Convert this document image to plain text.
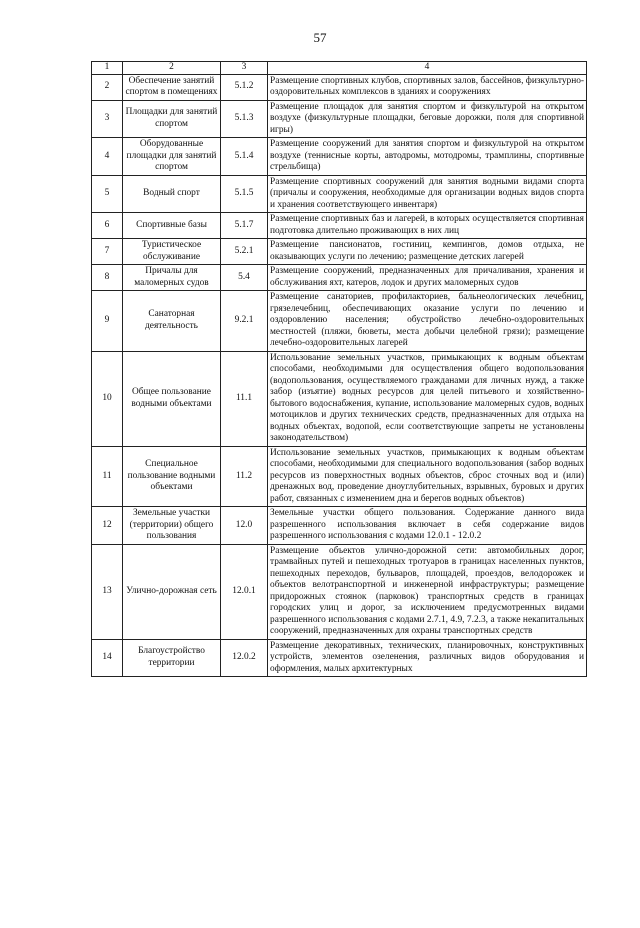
57
1	2	3	4
2	Обеспечение занятий спортом в помещениях	5.1.2	Размещение спортивных клубов, спортивных залов, бассейнов, физкультурно-оздоровительных комплексов в зданиях и сооружениях
3	Площадки для занятий спортом	5.1.3	Размещение площадок для занятия спортом и физкультурой на открытом воздухе (физкультурные площадки, беговые дорожки, поля для спортивной игры)
4	Оборудованные площадки для занятий спортом	5.1.4	Размещение сооружений для занятия спортом и физкультурой на открытом воздухе (теннисные корты, автодромы, мотодромы, трамплины, спортивные стрельбища)
5	Водный спорт	5.1.5	Размещение спортивных сооружений для занятия водными видами спорта (причалы и сооружения, необходимые для организации водных видов спорта и хранения соответствующего инвентаря)
6	Спортивные базы	5.1.7	Размещение спортивных баз и лагерей, в которых осуществляется спортивная подготовка длительно проживающих в них лиц
7	Туристическое обслуживание	5.2.1	Размещение пансионатов, гостиниц, кемпингов, домов отдыха, не оказывающих услуги по лечению; размещение детских лагерей
8	Причалы для маломерных судов	5.4	Размещение сооружений, предназначенных для причаливания, хранения и обслуживания яхт, катеров, лодок и других маломерных судов
9	Санаторная деятельность	9.2.1	Размещение санаториев, профилакториев, бальнеологических лечебниц, грязелечебниц, обеспечивающих оказание услуги по лечению и оздоровлению населения; обустройство лечебно-оздоровительных местностей (пляжи, бюветы, места добычи целебной грязи); размещение лечебно-оздоровительных лагерей
10	Общее пользование водными объектами	11.1	Использование земельных участков, примыкающих к водным объектам способами, необходимыми для осуществления общего водопользования (водопользования, осуществляемого гражданами для личных нужд, а также забор (изъятие) водных ресурсов для целей питьевого и хозяйственно-бытового водоснабжения, купание, использование маломерных судов, водных мотоциклов и других технических средств, предназначенных для отдыха на водных объектах, водопой, если соответствующие запреты не установлены законодательством)
11	Специальное пользование водными объектами	11.2	Использование земельных участков, примыкающих к водным объектам способами, необходимыми для специального водопользования (забор водных ресурсов из поверхностных водных объектов, сброс сточных вод и (или) дренажных вод, проведение дноуглубительных, взрывных, буровых и других работ, связанных с изменением дна и берегов водных объектов)
12	Земельные участки (территории) общего пользования	12.0	Земельные участки общего пользования. Содержание данного вида разрешенного использования включает в себя содержание видов разрешенного использования с кодами 12.0.1 - 12.0.2
13	Улично-дорожная сеть	12.0.1	Размещение объектов улично-дорожной сети: автомобильных дорог, трамвайных путей и пешеходных тротуаров в границах населенных пунктов, пешеходных переходов, бульваров, площадей, проездов, велодорожек и объектов велотранспортной и инженерной инфраструктуры; размещение придорожных стоянок (парковок) транспортных средств в границах городских улиц и дорог, за исключением предусмотренных видами разрешенного использования с кодами 2.7.1, 4.9, 7.2.3, а также некапитальных сооружений, предназначенных для охраны транспортных средств
14	Благоустройство территории	12.0.2	Размещение декоративных, технических, планировочных, конструктивных устройств, элементов озеленения, различных видов оборудования и оформления, малых архитектурных
